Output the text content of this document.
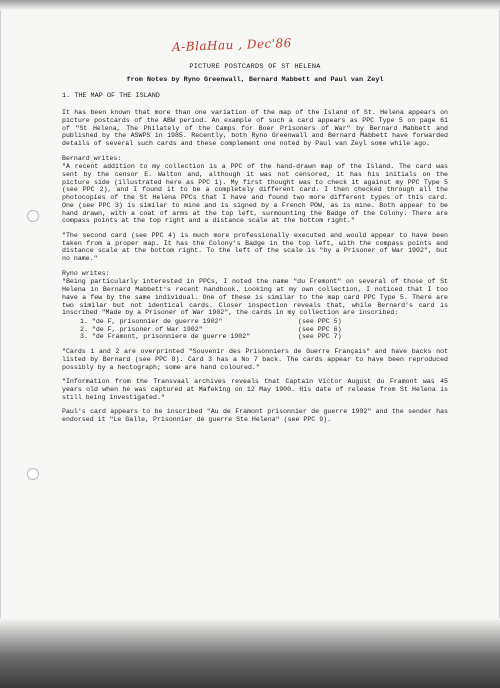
A-BlaHau , Dec'86
PICTURE POSTCARDS OF ST HELENA
from Notes by Ryno Greenwall, Bernard Mabbett and Paul van Zeyl
1. THE MAP OF THE ISLAND

It has been known that more than one variation of the map of the Island of St. Helena appears on picture postcards of the ABW period. An example of such a card appears as PPC Type 5 on page 61 of "St Helena, The Philately of the Camps for Boer Prisoners of War" by Bernard Mabbett and published by the ASWPS in 1985. Recently, both Ryno Greenwall and Bernard Mabbett have forwarded details of several such cards and these complement one noted by Paul van Zeyl some while ago.

Bernard writes:

"A recent addition to my collection is a PPC of the hand-drawn map of the Island. The card was sent by the censor E. Walton and, although it was not censored, it has his initials on the picture side (illustrated here as PPC 1). My first thought was to check it against my PPC Type 5 (see PPC 2), and I found it to be a completely different card. I then checked through all the photocopies of the St Helena PPCs that I have and found two more different types of this card. One (see PPC 3) is similar to mine and is signed by a French POW, as is mine. Both appear to be hand drawn, with a coat of arms at the top left, surmounting the Badge of the Colony. There are compass points at the top right and a distance scale at the bottom right."

"The second card (see PPC 4) is much more professionally executed and would appear to have been taken from a proper map. It has the Colony's Badge in the top left, with the compass points and distance scale at the bottom right. To the left of the scale is "by a Prisoner of War 1902", but no name."

Ryno writes:

"Being particularly interested in PPCs, I noted the name "du Fremont" on several of those of St Helena in Bernard Mabbett's recent handbook. Looking at my own collection, I noticed that I too have a few by the same individual. One of these is similar to the map card PPC Type 5. There are two similar but not identical cards. Closer inspection reveals that, while Bernard's card is inscribed "Made by a Prisoner of War 1902", the cards in my collection are inscribed:

1. "de F, prisonnier de guerre 1902"	(see PPC 5)
2. "de F, prisoner of War 1902"	(see PPC 6)
3. "de Framont, prisonniere de guerre 1902"	(see PPC 7)

"Cards 1 and 2 are overprinted "Souvenir des Prisonniers de Guerre Français" and have backs not listed by Bernard (see PPC 8). Card 3 has a No 7 back. The cards appear to have been reproduced possibly by a hectograph; some are hand coloured."

"Information from the Transvaal archives reveals that Captain Victor August du Framont was 45 years old when he was captured at Mafeking on 12 May 1900. His date of release from St Helena is still being investigated."

Paul's card appears to be inscribed "Au de Framont prisonnier de guerre 1902" and the sender has endorsed it "Le Galle, Prisonnier de guerre Ste Helena" (see PPC 9).
